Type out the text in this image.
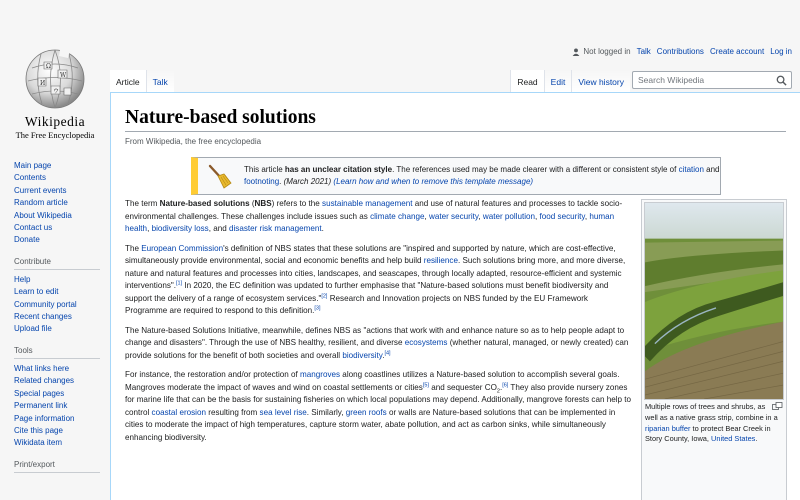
Ω
W
И
ウ
Wikipedia
The Free Encyclopedia
Not logged in Talk Contributions Create account Log in
Main page
Contents
Current events
Random article
About Wikipedia
Contact us
Donate
Contribute
Help
Learn to edit
Community portal
Recent changes
Upload file
Tools
What links here
Related changes
Special pages
Permanent link
Page information
Cite this page
Wikidata item
Print/export
Article	Talk	Read	Edit	View history	Search Wikipedia
Nature-based solutions
From Wikipedia, the free encyclopedia
This article has an unclear citation style. The references used may be made clearer with a different or consistent style of citation and footnoting. (March 2021) (Learn how and when to remove this template message)

The term Nature-based solutions (NBS) refers to the sustainable management and use of natural features and processes to tackle socio-environmental challenges. These challenges include issues such as climate change, water security, water pollution, food security, human health, biodiversity loss, and disaster risk management.

The European Commission's definition of NBS states that these solutions are "inspired and supported by nature, which are cost-effective, simultaneously provide environmental, social and economic benefits and help build resilience. Such solutions bring more, and more diverse, nature and natural features and processes into cities, landscapes, and seascapes, through locally adapted, resource-efficient and systemic interventions".[1] In 2020, the EC definition was updated to further emphasise that "Nature-based solutions must benefit biodiversity and support the delivery of a range of ecosystem services."[2] Research and Innovation projects on NBS funded by the EU Framework Programme are required to respond to this definition.[3]

The Nature-based Solutions Initiative, meanwhile, defines NBS as "actions that work with and enhance nature so as to help people adapt to change and disasters". Through the use of NBS healthy, resilient, and diverse ecosystems (whether natural, managed, or newly created) can provide solutions for the benefit of both societies and overall biodiversity.[4]

For instance, the restoration and/or protection of mangroves along coastlines utilizes a Nature-based solution to accomplish several goals. Mangroves moderate the impact of waves and wind on coastal settlements or cities[5] and sequester $CO_2.[6]$ They also provide nursery zones for marine life that can be the basis for sustaining fisheries on which local populations may depend. Additionally, mangrove forests can help to control coastal erosion resulting from sea level rise. Similarly, green roofs or walls are Nature-based solutions that can be implemented in cities to moderate the impact of high temperatures, capture storm water, abate pollution, and act as carbon sinks, while simultaneously enhancing biodiversity.

Multiple rows of trees and shrubs, as well as a native grass strip, combine in a riparian buffer to protect Bear Creek in Story County, Iowa, United States.
